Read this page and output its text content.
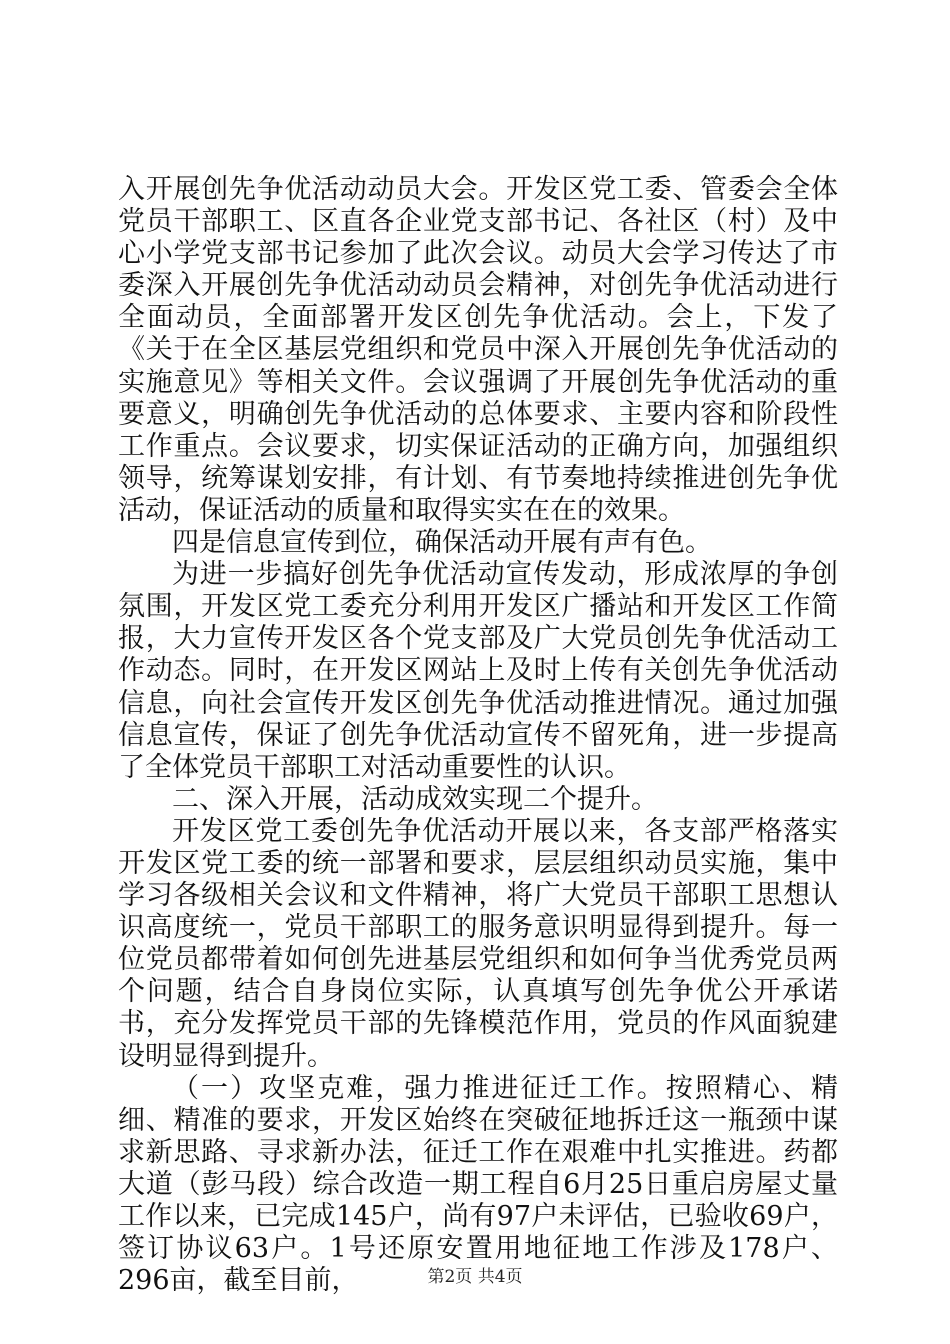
入开展创先争优活动动员大会。开发区党工委、管委会全体党员干部职工、区直各企业党支部书记、各社区（村）及中心小学党支部书记参加了此次会议。动员大会学习传达了市委深入开展创先争优活动动员会精神，对创先争优活动进行全面动员，全面部署开发区创先争优活动。会上，下发了《关于在全区基层党组织和党员中深入开展创先争优活动的实施意见》等相关文件。会议强调了开展创先争优活动的重要意义，明确创先争优活动的总体要求、主要内容和阶段性工作重点。会议要求，切实保证活动的正确方向，加强组织领导，统筹谋划安排，有计划、有节奏地持续推进创先争优活动，保证活动的质量和取得实实在在的效果。

四是信息宣传到位，确保活动开展有声有色。

为进一步搞好创先争优活动宣传发动，形成浓厚的争创氛围，开发区党工委充分利用开发区广播站和开发区工作简报，大力宣传开发区各个党支部及广大党员创先争优活动工作动态。同时，在开发区网站上及时上传有关创先争优活动信息，向社会宣传开发区创先争优活动推进情况。通过加强信息宣传，保证了创先争优活动宣传不留死角，进一步提高了全体党员干部职工对活动重要性的认识。

二、深入开展，活动成效实现二个提升。

开发区党工委创先争优活动开展以来，各支部严格落实开发区党工委的统一部署和要求，层层组织动员实施，集中学习各级相关会议和文件精神，将广大党员干部职工思想认识高度统一，党员干部职工的服务意识明显得到提升。每一位党员都带着如何创先进基层党组织和如何争当优秀党员两个问题，结合自身岗位实际，认真填写创先争优公开承诺书，充分发挥党员干部的先锋模范作用，党员的作风面貌建设明显得到提升。

（一）攻坚克难，强力推进征迁工作。按照精心、精细、精准的要求，开发区始终在突破征地拆迁这一瓶颈中谋求新思路、寻求新办法，征迁工作在艰难中扎实推进。药都大道（彭马段）综合改造一期工程自6月25日重启房屋丈量工作以来，已完成145户，尚有97户未评估，已验收69户，签订协议63户。1号还原安置用地征地工作涉及178户、296亩，截至目前，	第2页 共4页
